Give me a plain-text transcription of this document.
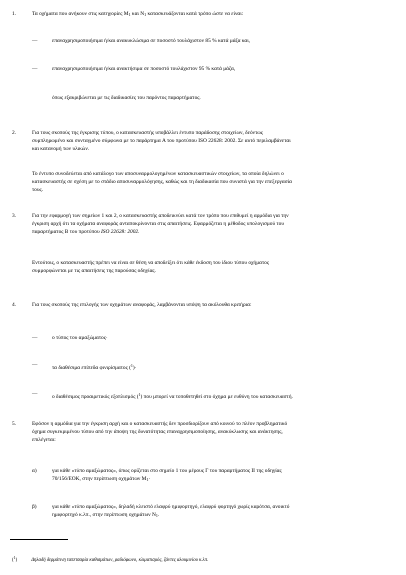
1.	Τα οχήματα που ανήκουν στις κατηγορίες $M_1$ και $N_1$ κατασκευάζονται κατά τρόπο ώστε να είναι:

—	επαναχρησιμοποιήσιμα ή/και ανακυκλώσιμα σε ποσοστό τουλάχιστον 85 % κατά μάζα και,

—	επαναχρησιμοποιήσιμα ή/και ανακτήσιμα σε ποσοστό τουλάχιστον 95 % κατά μάζα,

όπως εξακριβώνεται με τις διαδικασίες του παρόντος παραρτήματος.

2.	Για τους σκοπούς της έγκρισης τύπου, ο κατασκευαστής υποβάλλει έντυπο παράδοσης στοιχείων, δεόντως

συμπληρωμένο και συνταγμένο σύμφωνα με το παράρτημα A του προτύπου ISO 22628: 2002. Σε αυτό περιλαμβάνεται

και κατανομή των υλικών.

Το έντυπο συνοδεύεται από κατάλογο των αποσυναρμολογημένων κατασκευαστικών στοιχείων, τα οποία δηλώνει ο

κατασκευαστής σε σχέση με το στάδιο αποσυναρμολόγησης, καθώς και τη διαδικασία που συνιστά για την επεξεργασία

τους.

3.	Για την εφαρμογή των σημείων 1 και 2, ο κατασκευαστής αποδεικνύει κατά τον τρόπο που επιθυμεί η αρμόδια για την

έγκριση αρχή ότι τα οχήματα αναφοράς ανταποκρίνονται στις απαιτήσεις. Εφαρμόζεται η μέθοδος υπολογισμού του

παραρτήματος B του προτύπου ISO 22628: 2002.

Εντούτοις, ο κατασκευαστής πρέπει να είναι σε θέση να αποδείξει ότι κάθε έκδοση του ίδιου τύπου οχήματος

συμμορφώνεται με τις απαιτήσεις της παρούσας οδηγίας.

4.	Για τους σκοπούς της επιλογής των οχημάτων αναφοράς, λαμβάνονται υπόψη τα ακόλουθα κριτήρια:

—	ο τύπος του αμαξώματος·

—	τα διαθέσιμα επίπεδα φινιρίσματος ($^1$)·

—	ο διαθέσιμος προαιρετικός εξοπλισμός ($^1$) που μπορεί να τοποθετηθεί στο όχημα με ευθύνη του κατασκευαστή.

5.	Εφόσον η αρμόδια για την έγκριση αρχή και ο κατασκευαστής δεν προσδιορίζουν από κοινού το πλέον προβληματικό

όχημα συγκεκριμένου τύπου από την άποψη της δυνατότητας επαναχρησιμοποίησης, ανακύκλωσης και ανάκτησης,

επιλέγεται:

α)	για κάθε «τύπο αμαξώματος», όπως ορίζεται στο σημείο 1 του μέρους Γ του παραρτήματος ΙΙ της οδηγίας

70/156/ΕΟΚ, στην περίπτωση οχημάτων $M_1\cdot$

β)	για κάθε «τύπο αμαξώματος», δηλαδή κλειστό ελαφρύ ημιφορτηγό, ελαφρύ φορτηγό χωρίς καρότσα, ανοικτό

ημιφορτηγό κ.λπ., στην περίπτωση οχημάτων $N_1$.

($^1$)	Δηλαδή δερμάτινη ταπετσαρία καθισμάτων, ραδιόφωνο, κλιματισμός, ζάντες αλουμινίου κ.λπ.
